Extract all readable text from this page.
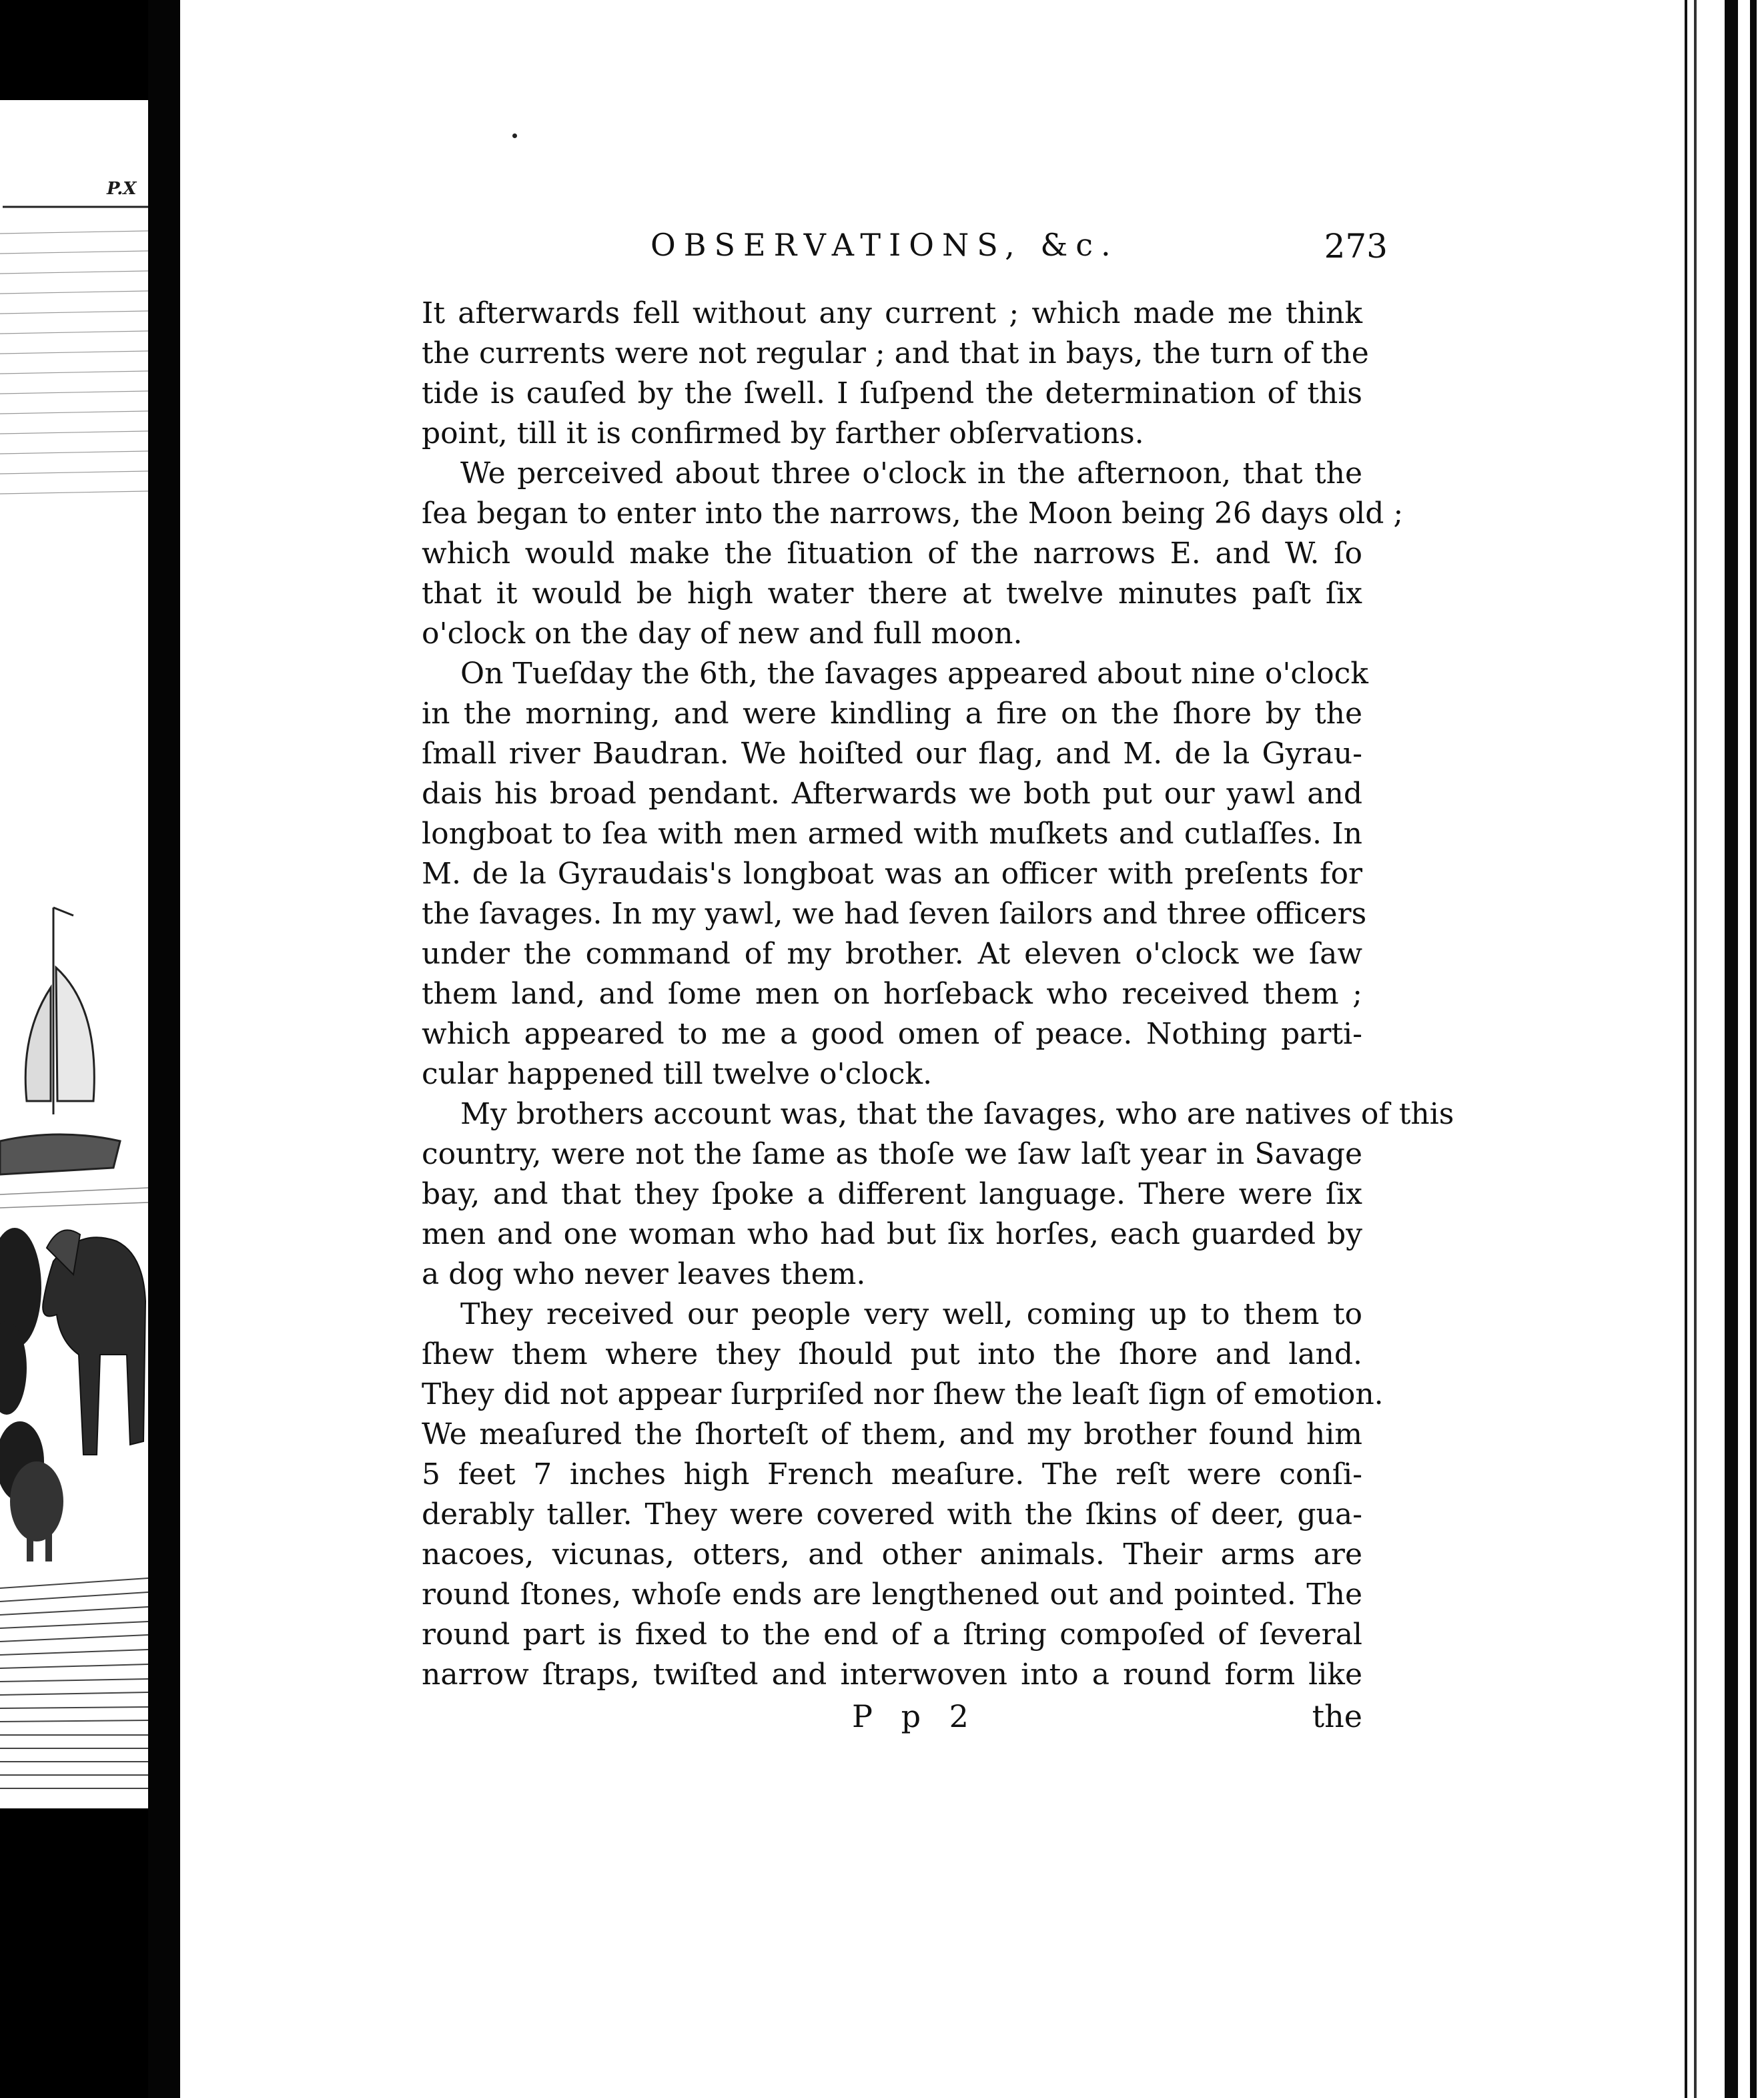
P.X
OBSERVATIONS, &c.	273
It afterwards fell without any current ; which made me think
the currents were not regular ; and that in bays, the turn of the
tide is cauſed by the ſwell. I ſuſpend the determination of this
point, till it is confirmed by farther obſervations.
We perceived about three o'clock in the afternoon, that the
ſea began to enter into the narrows, the Moon being 26 days old ;
which would make the ſituation of the narrows E. and W. ſo
that it would be high water there at twelve minutes paſt ſix
o'clock on the day of new and full moon.
On Tueſday the 6th, the ſavages appeared about nine o'clock
in the morning, and were kindling a fire on the ſhore by the
ſmall river Baudran. We hoiſted our flag, and M. de la Gyrau-
dais his broad pendant. Afterwards we both put our yawl and
longboat to ſea with men armed with muſkets and cutlaſſes. In
M. de la Gyraudais's longboat was an officer with preſents for
the ſavages. In my yawl, we had ſeven ſailors and three officers
under the command of my brother. At eleven o'clock we ſaw
them land, and ſome men on horſeback who received them ;
which appeared to me a good omen of peace. Nothing parti-
cular happened till twelve o'clock.
My brothers account was, that the ſavages, who are natives of this
country, were not the ſame as thoſe we ſaw laſt year in Savage
bay, and that they ſpoke a different language. There were ſix
men and one woman who had but ſix horſes, each guarded by
a dog who never leaves them.
They received our people very well, coming up to them to
ſhew them where they ſhould put into the ſhore and land.
They did not appear ſurpriſed nor ſhew the leaſt ſign of emotion.
We meaſured the ſhorteſt of them, and my brother found him
5 feet 7 inches high French meaſure. The reſt were conſi-
derably taller. They were covered with the ſkins of deer, gua-
nacoes, vicunas, otters, and other animals. Their arms are
round ſtones, whoſe ends are lengthened out and pointed. The
round part is fixed to the end of a ſtring compoſed of ſeveral
narrow ſtraps, twiſted and interwoven into a round form like
P p 2	the
